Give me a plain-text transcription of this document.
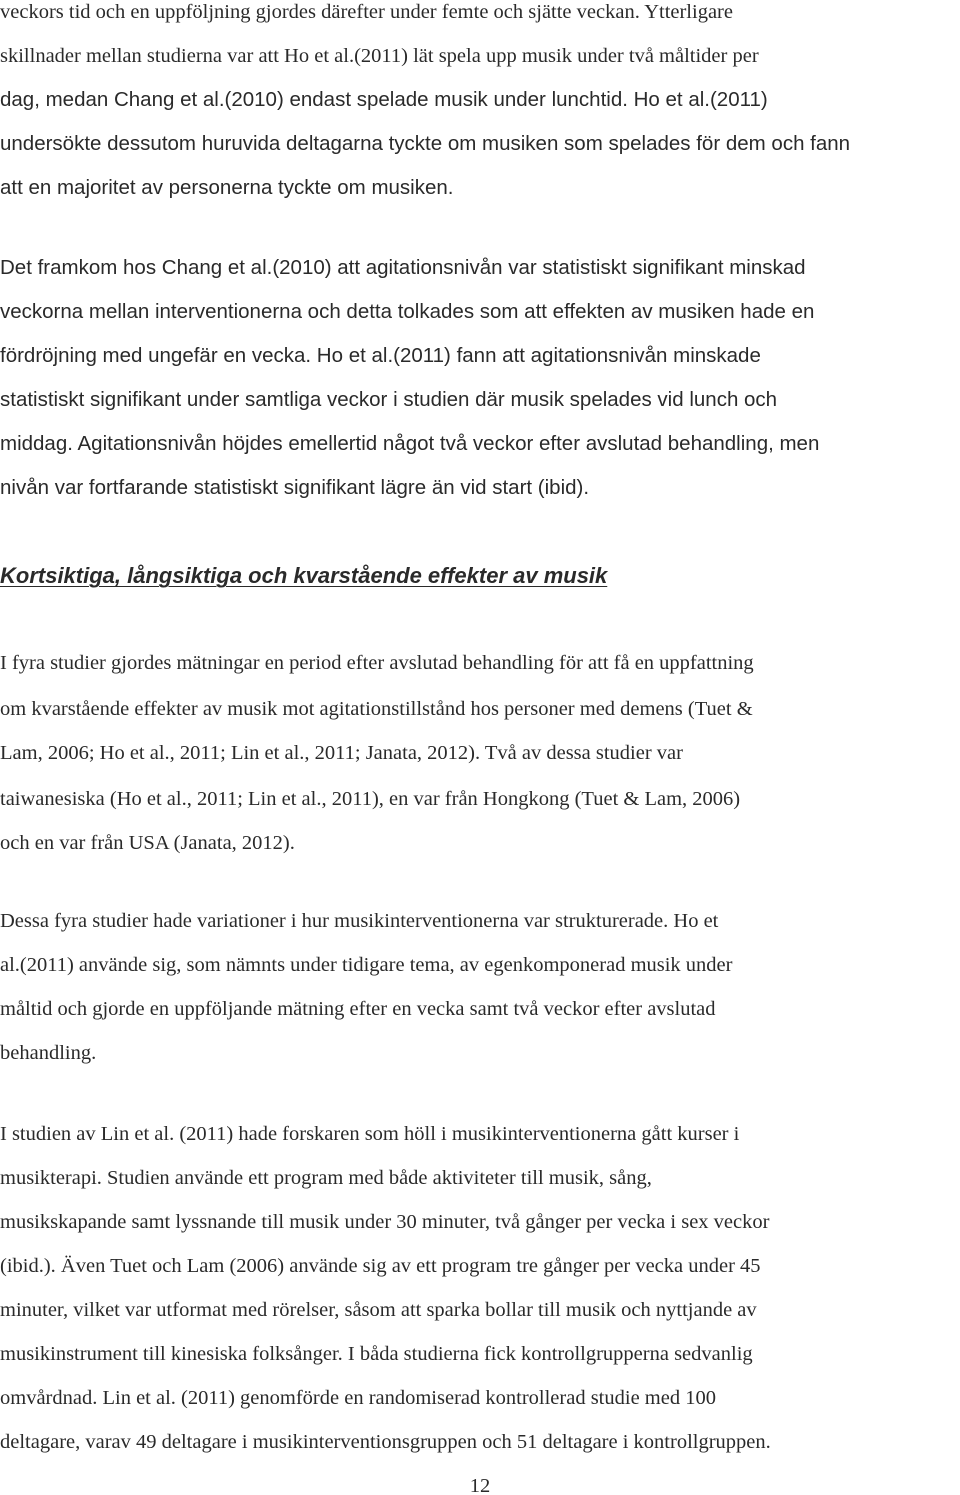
veckors tid och en uppföljning gjordes därefter under femte och sjätte veckan. Ytterligare

skillnader mellan studierna var att Ho et al.(2011) lät spela upp musik under två måltider per

dag, medan Chang et al.(2010) endast spelade musik under lunchtid. Ho et al.(2011)

undersökte dessutom huruvida deltagarna tyckte om musiken som spelades för dem och fann

att en majoritet av personerna tyckte om musiken.

Det framkom hos Chang et al.(2010) att agitationsnivån var statistiskt signifikant minskad

veckorna mellan interventionerna och detta tolkades som att effekten av musiken hade en

fördröjning med ungefär en vecka. Ho et al.(2011) fann att agitationsnivån minskade

statistiskt signifikant under samtliga veckor i studien där musik spelades vid lunch och

middag. Agitationsnivån höjdes emellertid något två veckor efter avslutad behandling, men

nivån var fortfarande statistiskt signifikant lägre än vid start (ibid).

Kortsiktiga, långsiktiga och kvarstående effekter av musik

I fyra studier gjordes mätningar en period efter avslutad behandling för att få en uppfattning

om kvarstående effekter av musik mot agitationstillstånd hos personer med demens (Tuet &

Lam, 2006; Ho et al., 2011; Lin et al., 2011; Janata, 2012). Två av dessa studier var

taiwanesiska (Ho et al., 2011; Lin et al., 2011), en var från Hongkong (Tuet & Lam, 2006)

och en var från USA (Janata, 2012).

Dessa fyra studier hade variationer i hur musikinterventionerna var strukturerade. Ho et

al.(2011) använde sig, som nämnts under tidigare tema, av egenkomponerad musik under

måltid och gjorde en uppföljande mätning efter en vecka samt två veckor efter avslutad

behandling.

I studien av Lin et al. (2011) hade forskaren som höll i musikinterventionerna gått kurser i

musikterapi. Studien använde ett program med både aktiviteter till musik, sång,

musikskapande samt lyssnande till musik under 30 minuter, två gånger per vecka i sex veckor

(ibid.). Även Tuet och Lam (2006) använde sig av ett program tre gånger per vecka under 45

minuter, vilket var utformat med rörelser, såsom att sparka bollar till musik och nyttjande av

musikinstrument till kinesiska folksånger. I båda studierna fick kontrollgrupperna sedvanlig

omvårdnad. Lin et al. (2011) genomförde en randomiserad kontrollerad studie med 100

deltagare, varav 49 deltagare i musikinterventionsgruppen och 51 deltagare i kontrollgruppen.

12
